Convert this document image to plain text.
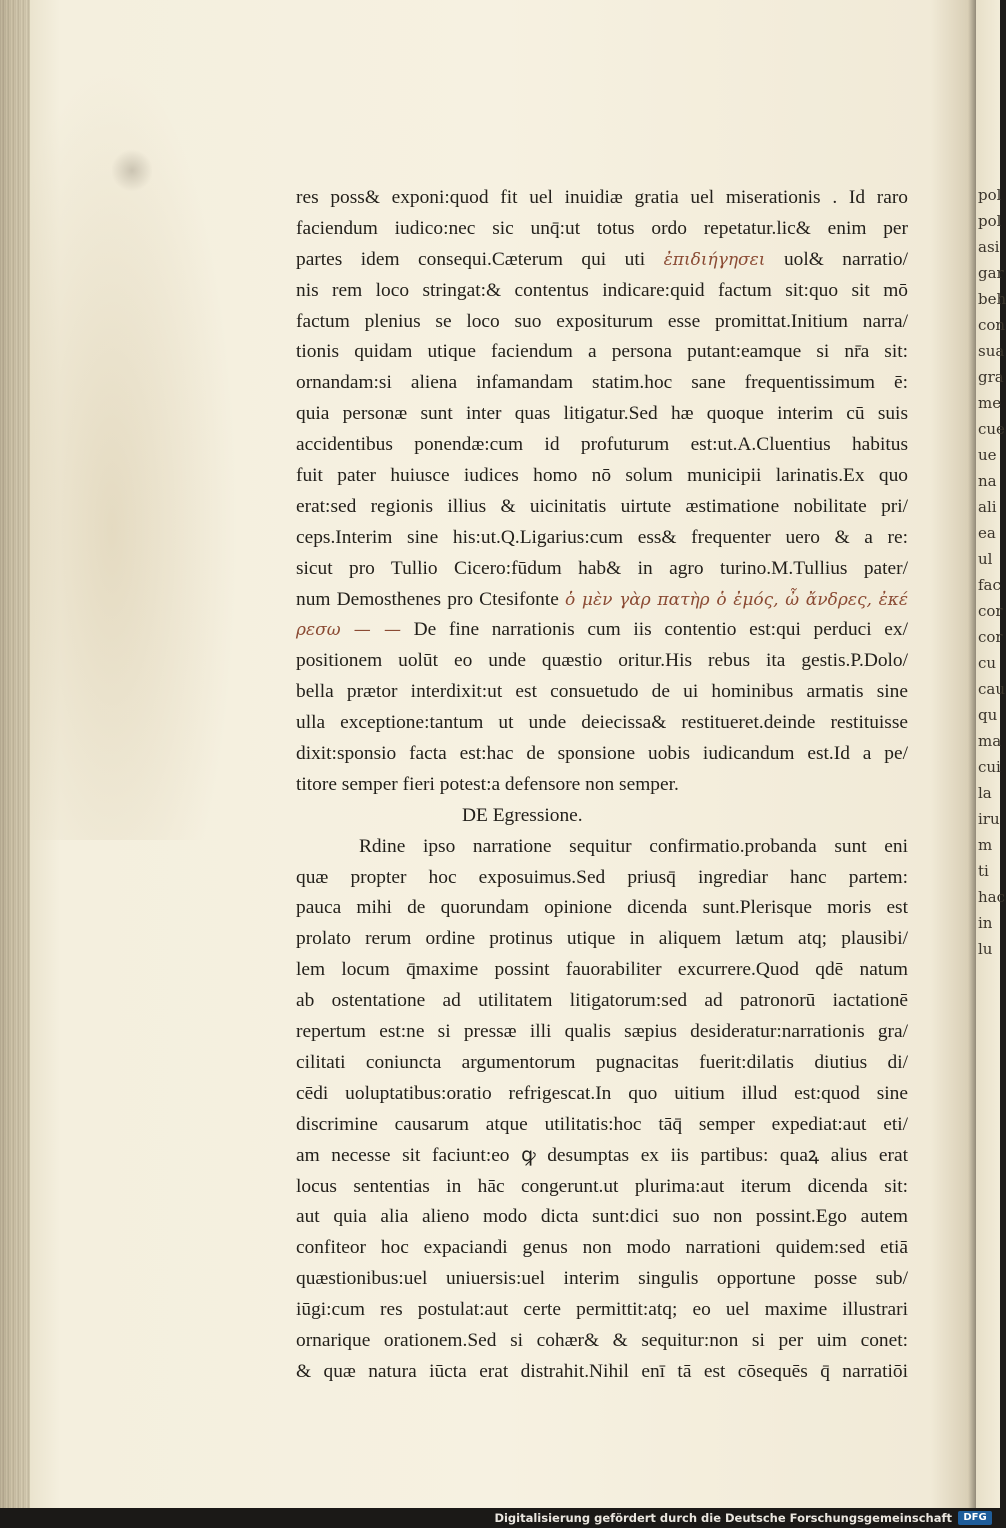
res poss& exponi:quod fit uel inuidiæ gratia uel miserationis . Id raro
faciendum iudico:nec sic unq̄:ut totus ordo repetatur.lic& enim per
partes idem consequi.Cæterum qui uti ἐπιδιήγησει uol& narratio/
nis rem loco stringat:& contentus indicare:quid factum sit:quo sit mō
factum plenius se loco suo expositurum esse promittat.Initium narra/
tionis quidam utique faciendum a persona putant:eamque si nr̄a sit:
ornandam:si aliena infamandam statim.hoc sane frequentissimum ē:
quia personæ sunt inter quas litigatur.Sed hæ quoque interim cū suis
accidentibus ponendæ:cum id profuturum est:ut.A.Cluentius habitus
fuit pater huiusce iudices homo nō solum municipii larinatis.Ex quo
erat:sed regionis illius & uicinitatis uirtute æstimatione nobilitate pri/
ceps.Interim sine his:ut.Q.Ligarius:cum ess& frequenter uero & a re:
sicut pro Tullio Cicero:fūdum hab& in agro turino.M.Tullius pater/
num Demosthenes pro Ctesifonte ὁ μὲν γὰρ πατὴρ ὁ ἐμός, ὦ ἄνδρες, ἐκέ
ρεσω — — De fine narrationis cum iis contentio est:qui perduci ex/
positionem uolūt eo unde quæstio oritur.His rebus ita gestis.P.Dolo/
bella prætor interdixit:ut est consuetudo de ui hominibus armatis sine
ulla exceptione:tantum ut unde deiecissa& restitueret.deinde restituisse
dixit:sponsio facta est:hac de sponsione uobis iudicandum est.Id a pe/
titore semper fieri potest:a defensore non semper.
DE Egressione.
Rdine ipso narratione sequitur confirmatio.probanda sunt eni
quæ propter hoc exposuimus.Sed priusq̄ ingrediar hanc partem:
pauca mihi de quorundam opinione dicenda sunt.Plerisque moris est
prolato rerum ordine protinus utique in aliquem lætum atq; plausibi/
lem locum q̄maxime possint fauorabiliter excurrere.Quod qdē natum
ab ostentatione ad utilitatem litigatorum:sed ad patronorū iactationē
repertum est:ne si pressæ illi qualis sæpius desideratur:narrationis gra/
cilitati coniuncta argumentorum pugnacitas fuerit:dilatis diutius di/
cēdi uoluptatibus:oratio refrigescat.In quo uitium illud est:quod sine
discrimine causarum atque utilitatis:hoc tāq̄ semper expediat:aut eti/
am necesse sit faciunt:eo ꝙ desumptas ex iis partibus: quaꝝ alius erat
locus sententias in hāc congerunt.ut plurima:aut iterum dicenda sit:
aut quia alia alieno modo dicta sunt:dici suo non possint.Ego autem
confiteor hoc expaciandi genus non modo narrationi quidem:sed etiā
quæstionibus:uel uniuersis:uel interim singulis opportune posse sub/
iūgi:cum res postulat:aut certe permittit:atq; eo uel maxime illustrari
ornarique orationem.Sed si cohær& & sequitur:non si per uim conet:
& quæ natura iūcta erat distrahit.Nihil enī tā est cōsequēs q̄ narratiōi
pol
pol
asi
gar
beh
con
sua
gra
me
cue
ue
na
ali
ea
ul
fac
cor
cor
cu
cau
qu
ma
cui
la
iru
m
ti
hac
in
lu
Digitalisierung gefördert durch die Deutsche Forschungsgemeinschaft	DFG
